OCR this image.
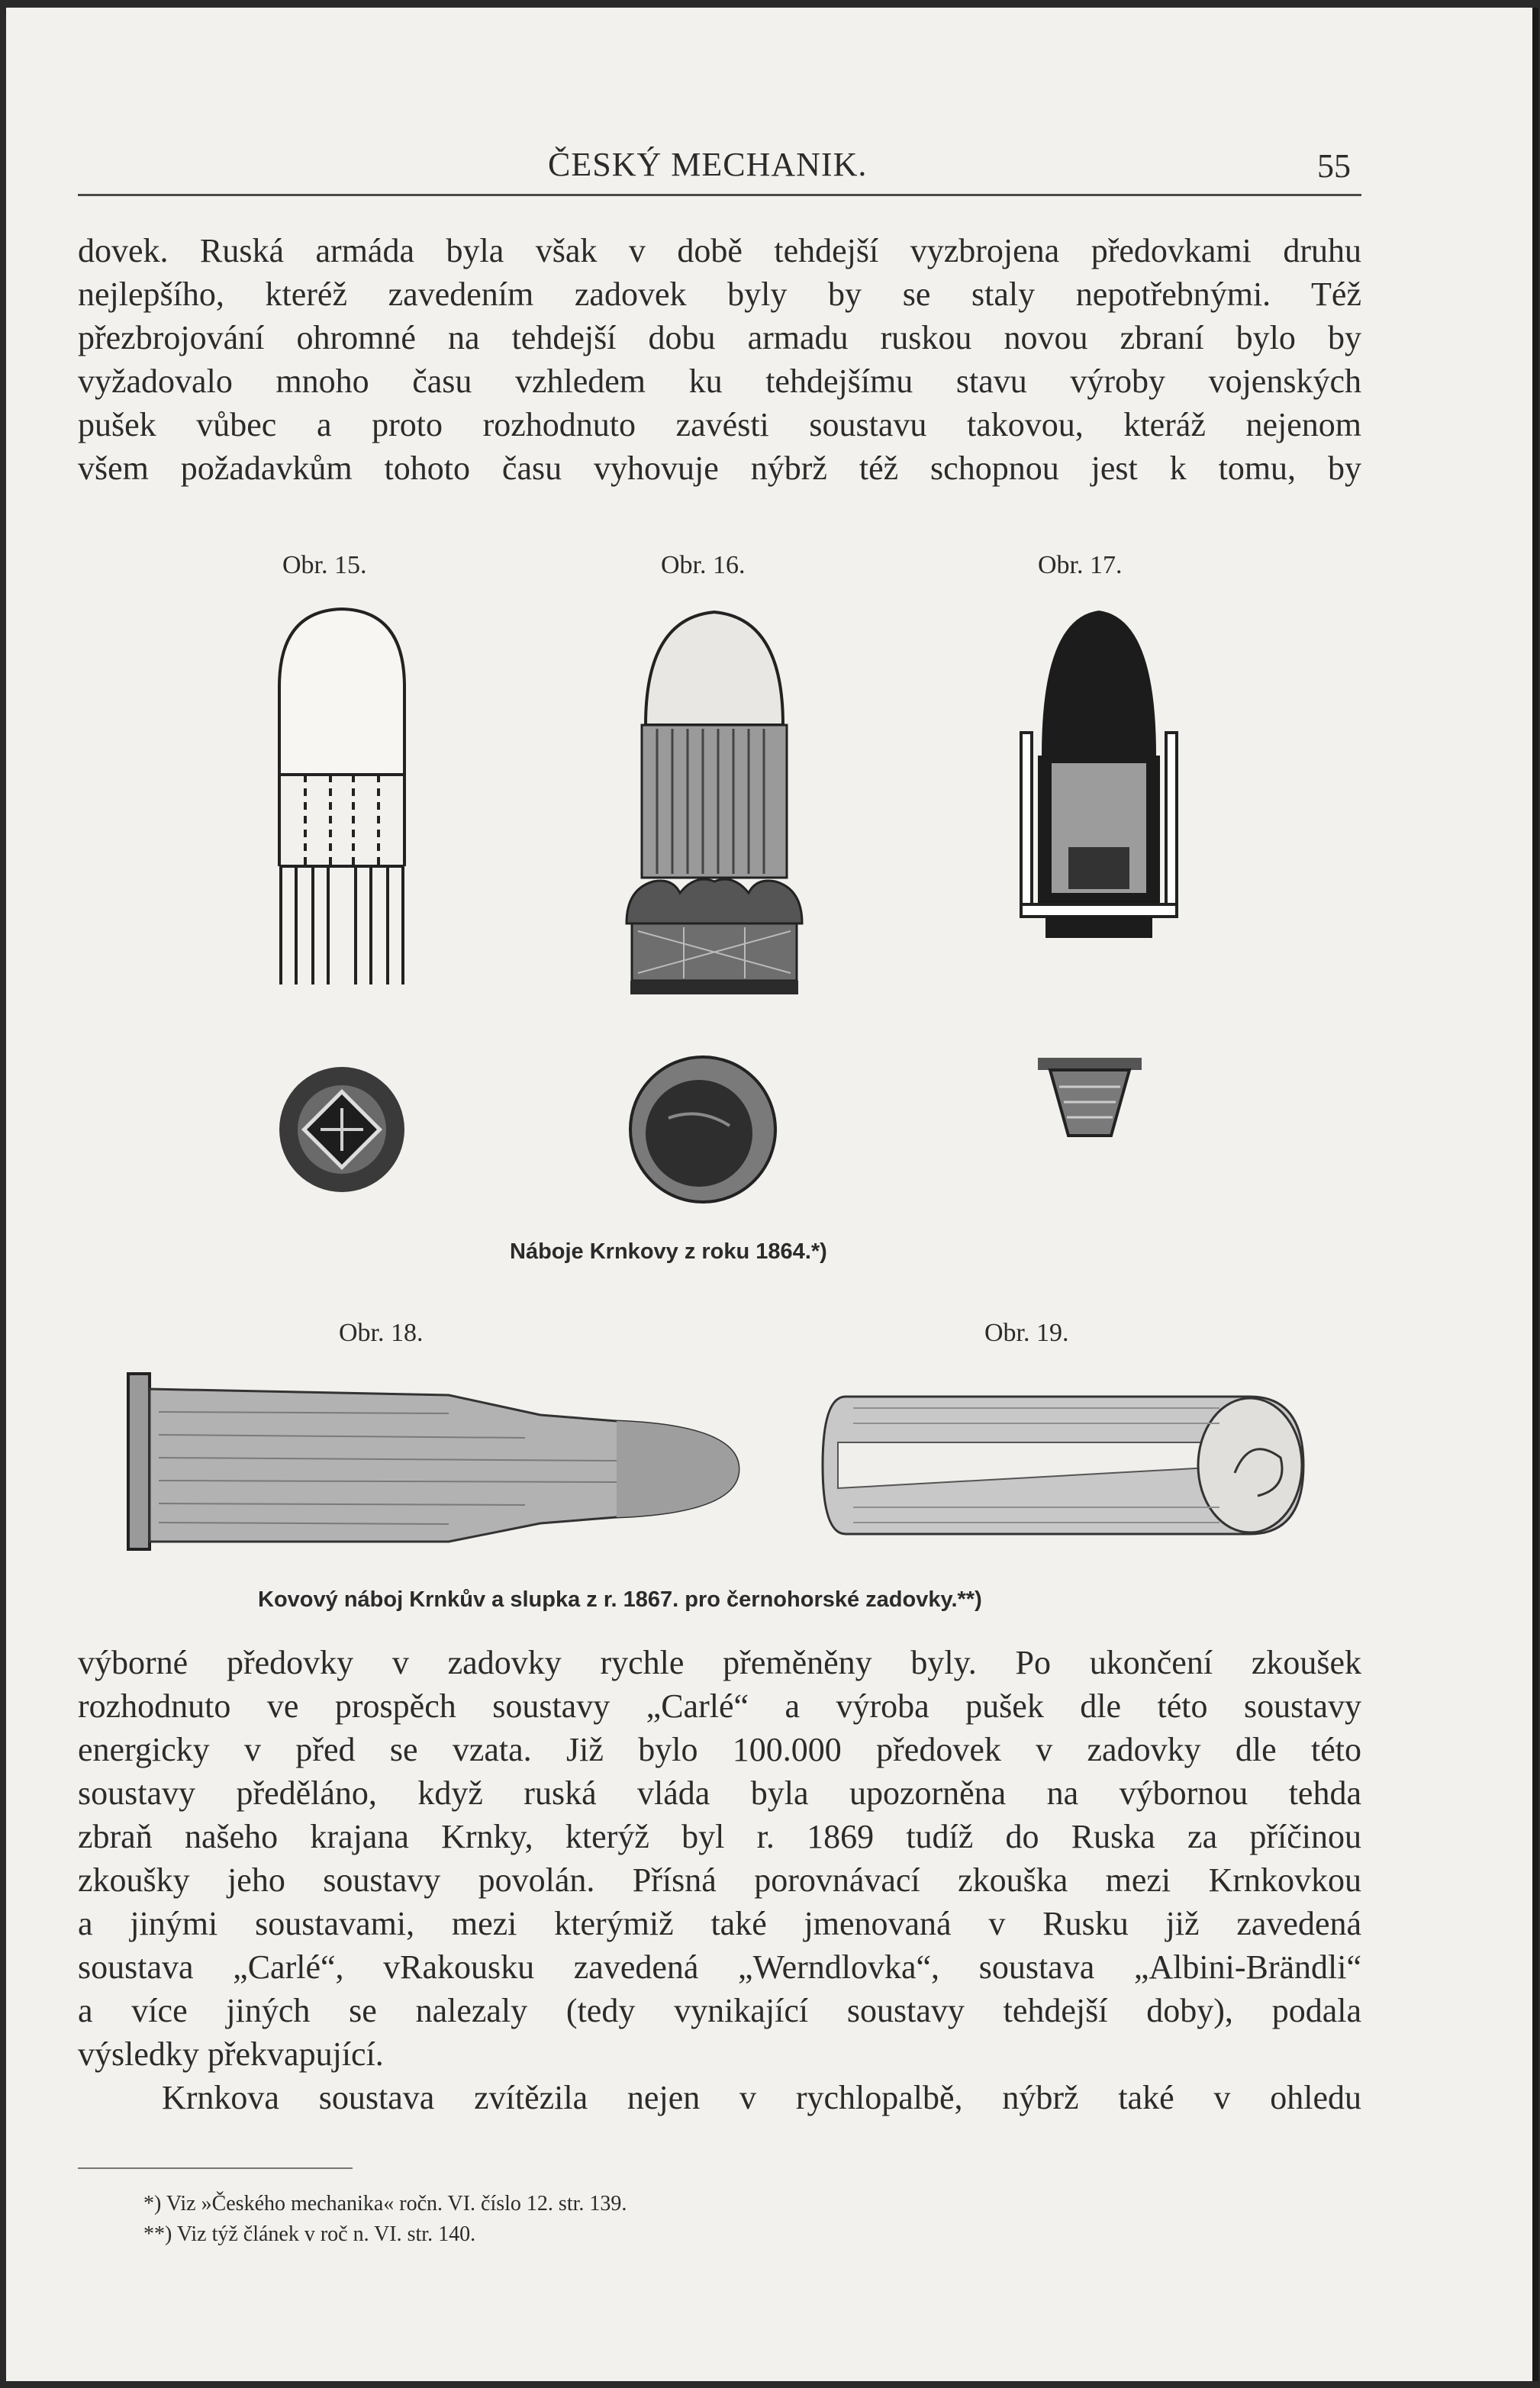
ČESKÝ MECHANIK.	55
dovek. Ruská armáda byla však v době tehdejší vyzbrojena předovkami druhu
nejlepšího, kteréž zavedením zadovek byly by se staly nepotřebnými. Též
přezbrojování ohromné na tehdejší dobu armadu ruskou novou zbraní bylo by
vyžadovalo mnoho času vzhledem ku tehdejšímu stavu výroby vojenských
pušek vůbec a proto rozhodnuto zavésti soustavu takovou, kteráž nejenom
všem požadavkům tohoto času vyhovuje nýbrž též schopnou jest k tomu, by
Obr. 15.	Obr. 16.	Obr. 17.
Náboje Krnkovy z roku 1864.*)
Obr. 18.	Obr. 19.
Kovový náboj Krnkův a slupka z r. 1867. pro černohorské zadovky.**)
výborné předovky v zadovky rychle přeměněny byly. Po ukončení zkoušek
rozhodnuto ve prospěch soustavy „Carlé“ a výroba pušek dle této soustavy
energicky v před se vzata. Již bylo 100.000 předovek v zadovky dle této
soustavy předěláno, když ruská vláda byla upozorněna na výbornou tehda
zbraň našeho krajana Krnky, kterýž byl r. 1869 tudíž do Ruska za příčinou
zkoušky jeho soustavy povolán. Přísná porovnávací zkouška mezi Krnkovkou
a jinými soustavami, mezi kterýmiž také jmenovaná v Rusku již zavedená
soustava „Carlé“, vRakousku zavedená „Werndlovka“, soustava „Albini-Brändli“
a více jiných se nalezaly (tedy vynikající soustavy tehdejší doby), podala
výsledky překvapující.
Krnkova soustava zvítězila nejen v rychlopalbě, nýbrž také v ohledu
*) Viz »Českého mechanika« ročn. VI. číslo 12. str. 139.
**) Viz týž článek v roč n. VI. str. 140.
